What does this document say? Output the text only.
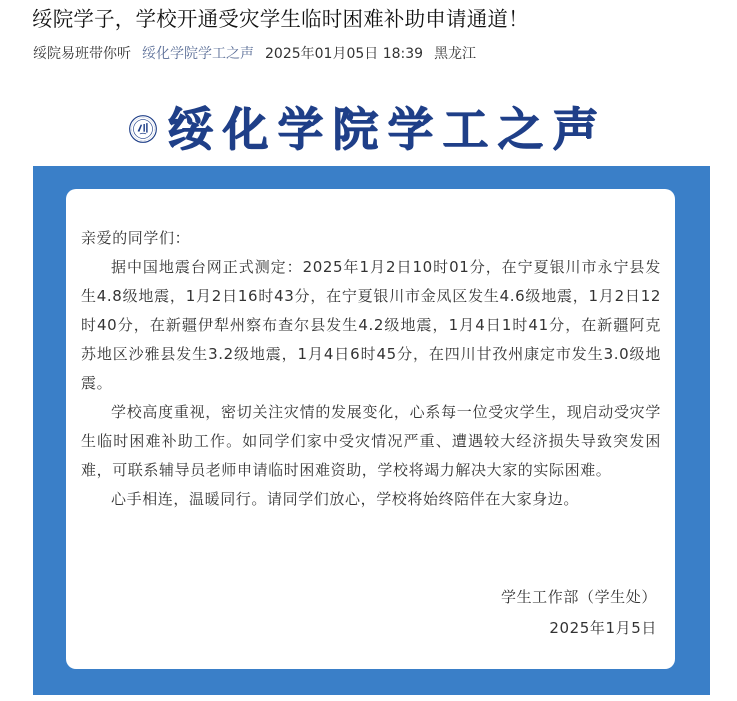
绥院学子，学校开通受灾学生临时困难补助申请通道！
绥院易班带你听 绥化学院学工之声 2025年01月05日 18:39 黑龙江
绥化学院学工之声

亲爱的同学们：

据中国地震台网正式测定：2025年1月2日10时01分，在宁夏银川市永宁县发生4.8级地震，1月2日16时43分，在宁夏银川市金凤区发生4.6级地震，1月2日12时40分，在新疆伊犁州察布查尔县发生4.2级地震，1月4日1时41分，在新疆阿克苏地区沙雅县发生3.2级地震，1月4日6时45分，在四川甘孜州康定市发生3.0级地震。

学校高度重视，密切关注灾情的发展变化，心系每一位受灾学生，现启动受灾学生临时困难补助工作。如同学们家中受灾情况严重、遭遇较大经济损失导致突发困难，可联系辅导员老师申请临时困难资助，学校将竭力解决大家的实际困难。

心手相连，温暖同行。请同学们放心，学校将始终陪伴在大家身边。

学生工作部（学生处）
2025年1月5日
